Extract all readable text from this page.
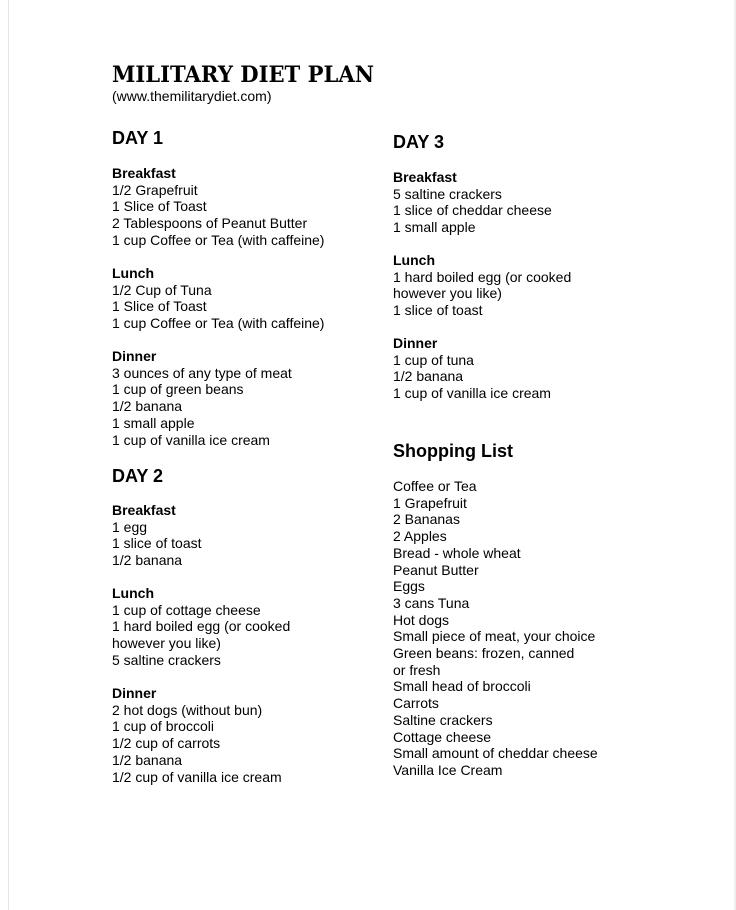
MILITARY DIET PLAN
(www.themilitarydiet.com)
DAY 1
Breakfast
1/2 Grapefruit
1 Slice of Toast
2 Tablespoons of Peanut Butter
1 cup Coffee or Tea (with caffeine)
Lunch
1/2 Cup of Tuna
1 Slice of Toast
1 cup Coffee or Tea (with caffeine)
Dinner
3 ounces of any type of meat
1 cup of green beans
1/2 banana
1 small apple
1 cup of vanilla ice cream
DAY 2
Breakfast
1 egg
1 slice of toast
1/2 banana
Lunch
1 cup of cottage cheese
1 hard boiled egg (or cooked
however you like)
5 saltine crackers
Dinner
2 hot dogs (without bun)
1 cup of broccoli
1/2 cup of carrots
1/2 banana
1/2 cup of vanilla ice cream
DAY 3
Breakfast
5 saltine crackers
1 slice of cheddar cheese
1 small apple
Lunch
1 hard boiled egg (or cooked
however you like)
1 slice of toast
Dinner
1 cup of tuna
1/2 banana
1 cup of vanilla ice cream
Shopping List
Coffee or Tea
1 Grapefruit
2 Bananas
2 Apples
Bread - whole wheat
Peanut Butter
Eggs
3 cans Tuna
Hot dogs
Small piece of meat, your choice
Green beans: frozen, canned
or fresh
Small head of broccoli
Carrots
Saltine crackers
Cottage cheese
Small amount of cheddar cheese
Vanilla Ice Cream
